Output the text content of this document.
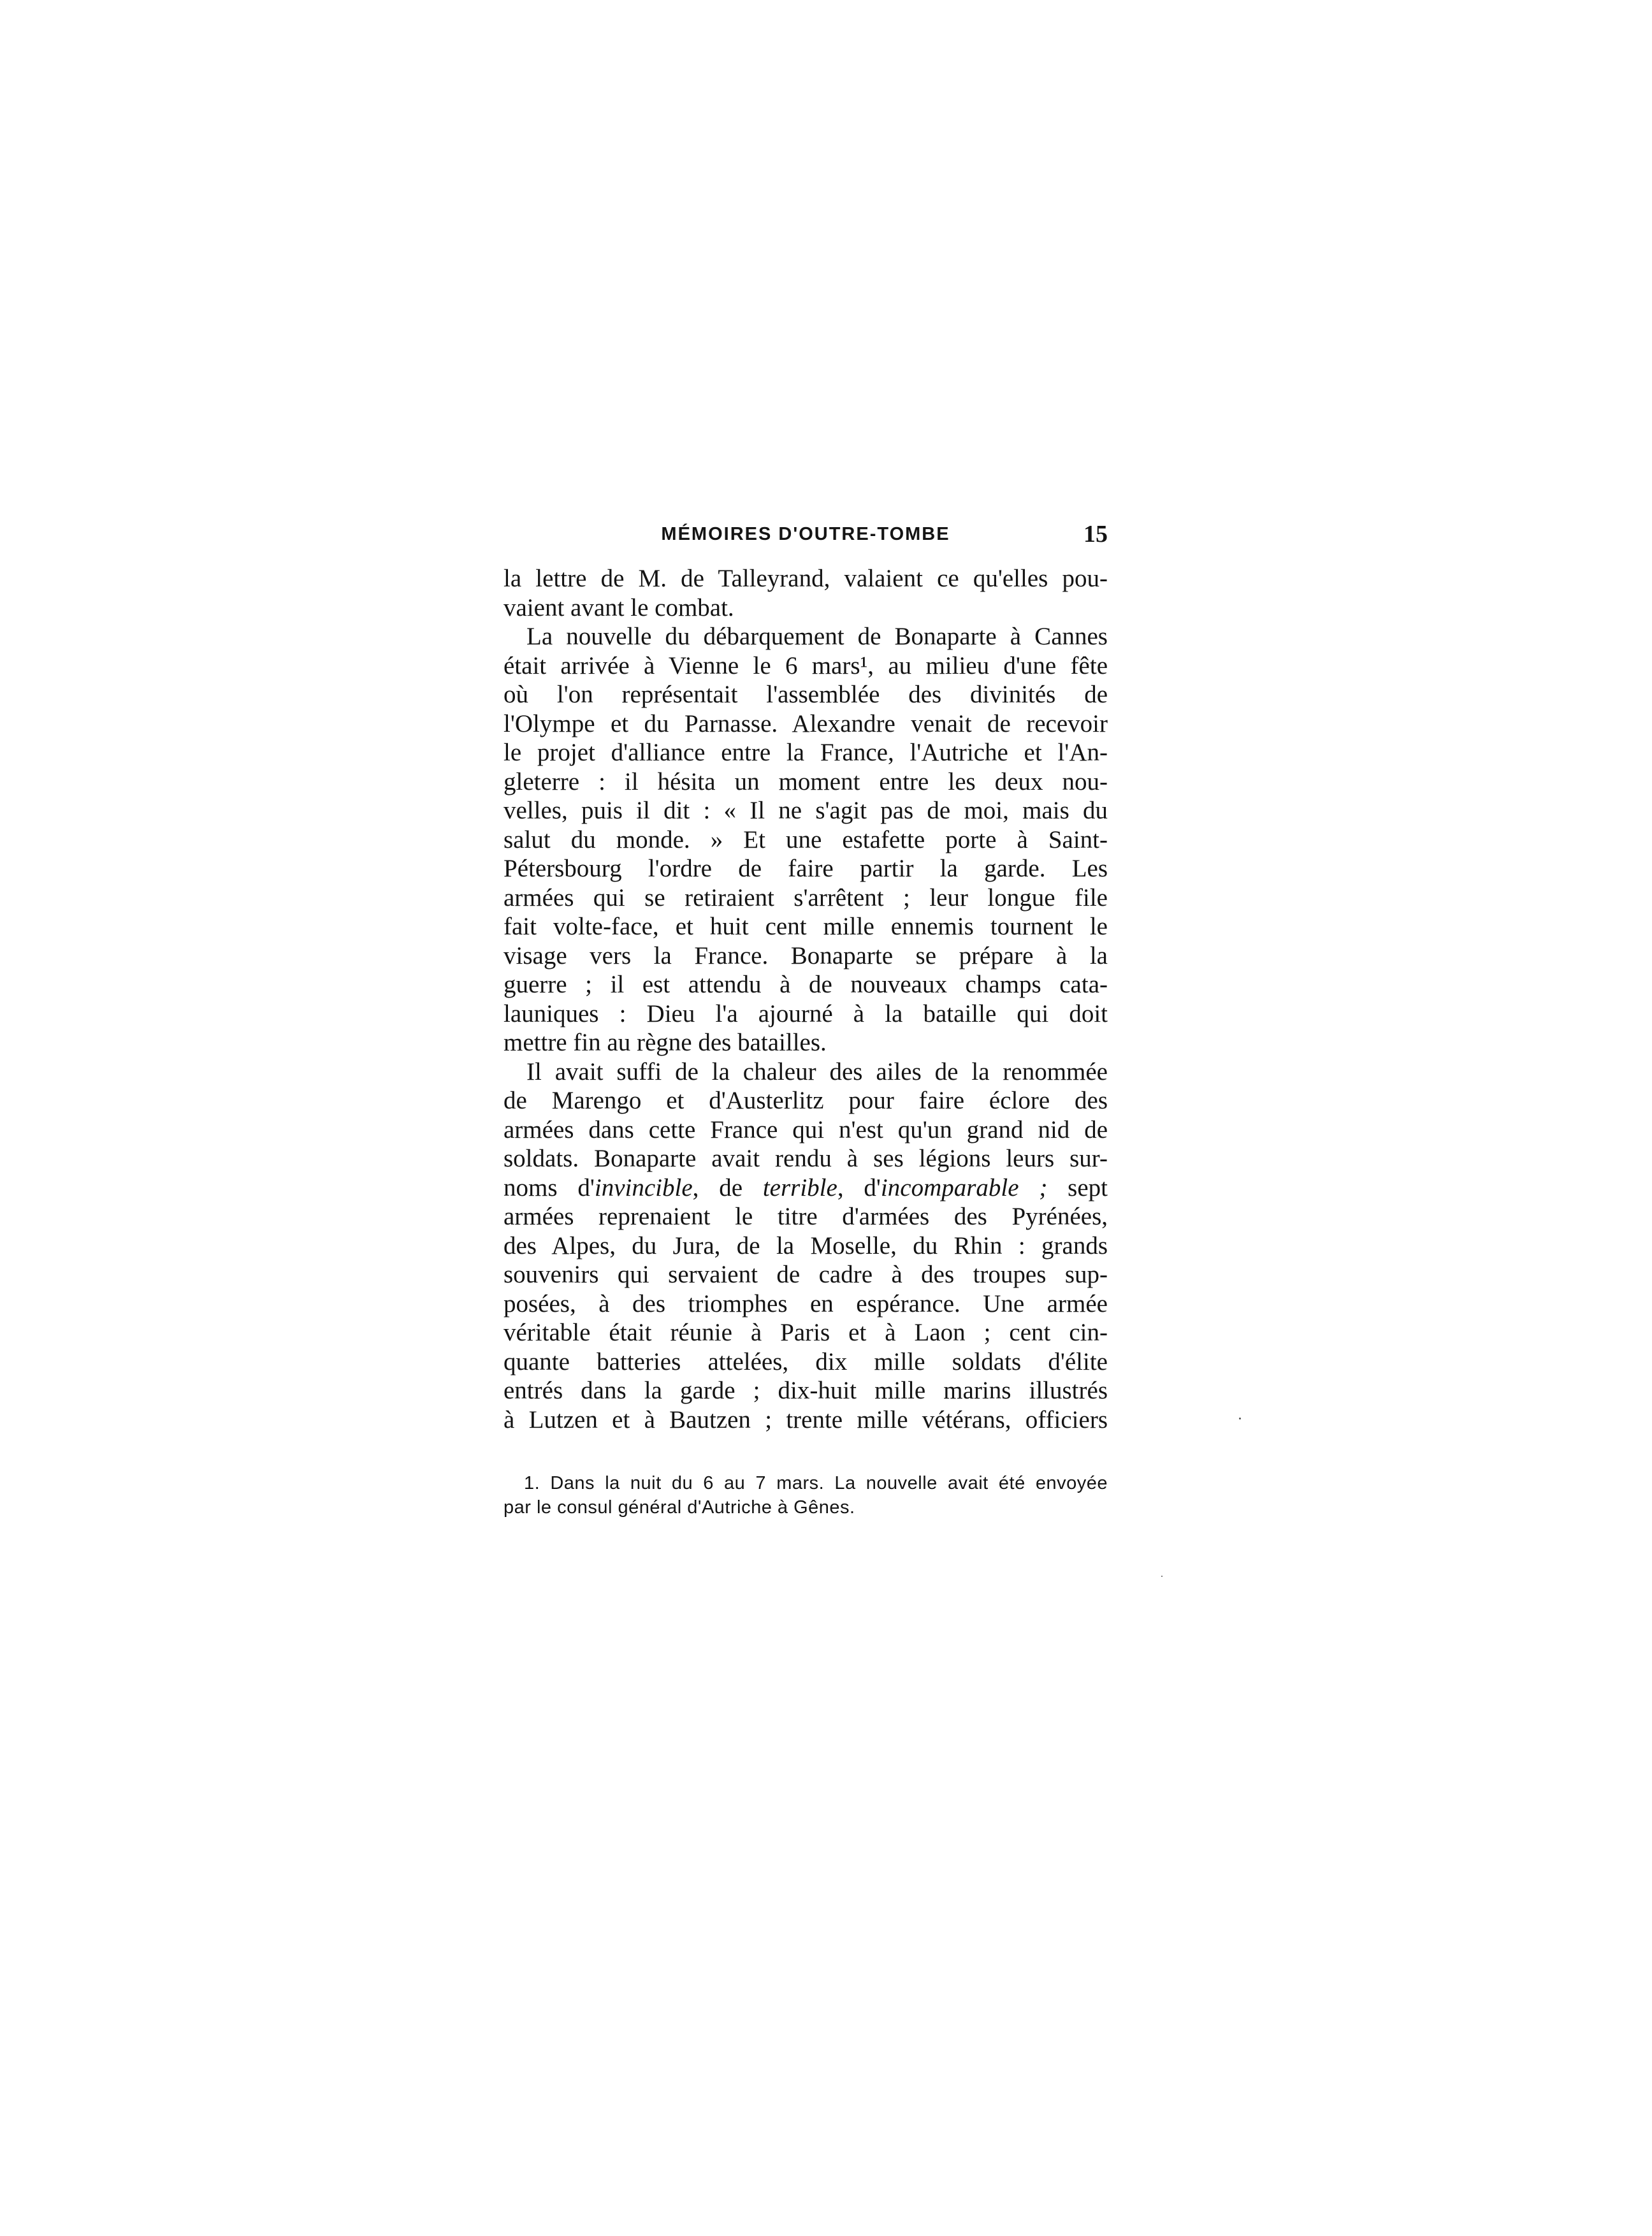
MÉMOIRES D'OUTRE-TOMBE	15
la lettre de M. de Talleyrand, valaient ce qu'elles pou-
vaient avant le combat.
La nouvelle du débarquement de Bonaparte à Cannes
était arrivée à Vienne le 6 mars¹, au milieu d'une fête
où l'on représentait l'assemblée des divinités de
l'Olympe et du Parnasse. Alexandre venait de recevoir
le projet d'alliance entre la France, l'Autriche et l'An-
gleterre : il hésita un moment entre les deux nou-
velles, puis il dit : « Il ne s'agit pas de moi, mais du
salut du monde. » Et une estafette porte à Saint-
Pétersbourg l'ordre de faire partir la garde. Les
armées qui se retiraient s'arrêtent ; leur longue file
fait volte-face, et huit cent mille ennemis tournent le
visage vers la France. Bonaparte se prépare à la
guerre ; il est attendu à de nouveaux champs cata-
launiques : Dieu l'a ajourné à la bataille qui doit
mettre fin au règne des batailles.
Il avait suffi de la chaleur des ailes de la renommée
de Marengo et d'Austerlitz pour faire éclore des
armées dans cette France qui n'est qu'un grand nid de
soldats. Bonaparte avait rendu à ses légions leurs sur-
noms d'invincible, de terrible, d'incomparable ; sept
armées reprenaient le titre d'armées des Pyrénées,
des Alpes, du Jura, de la Moselle, du Rhin : grands
souvenirs qui servaient de cadre à des troupes sup-
posées, à des triomphes en espérance. Une armée
véritable était réunie à Paris et à Laon ; cent cin-
quante batteries attelées, dix mille soldats d'élite
entrés dans la garde ; dix-huit mille marins illustrés
à Lutzen et à Bautzen ; trente mille vétérans, officiers
1. Dans la nuit du 6 au 7 mars. La nouvelle avait été envoyée
par le consul général d'Autriche à Gênes.
